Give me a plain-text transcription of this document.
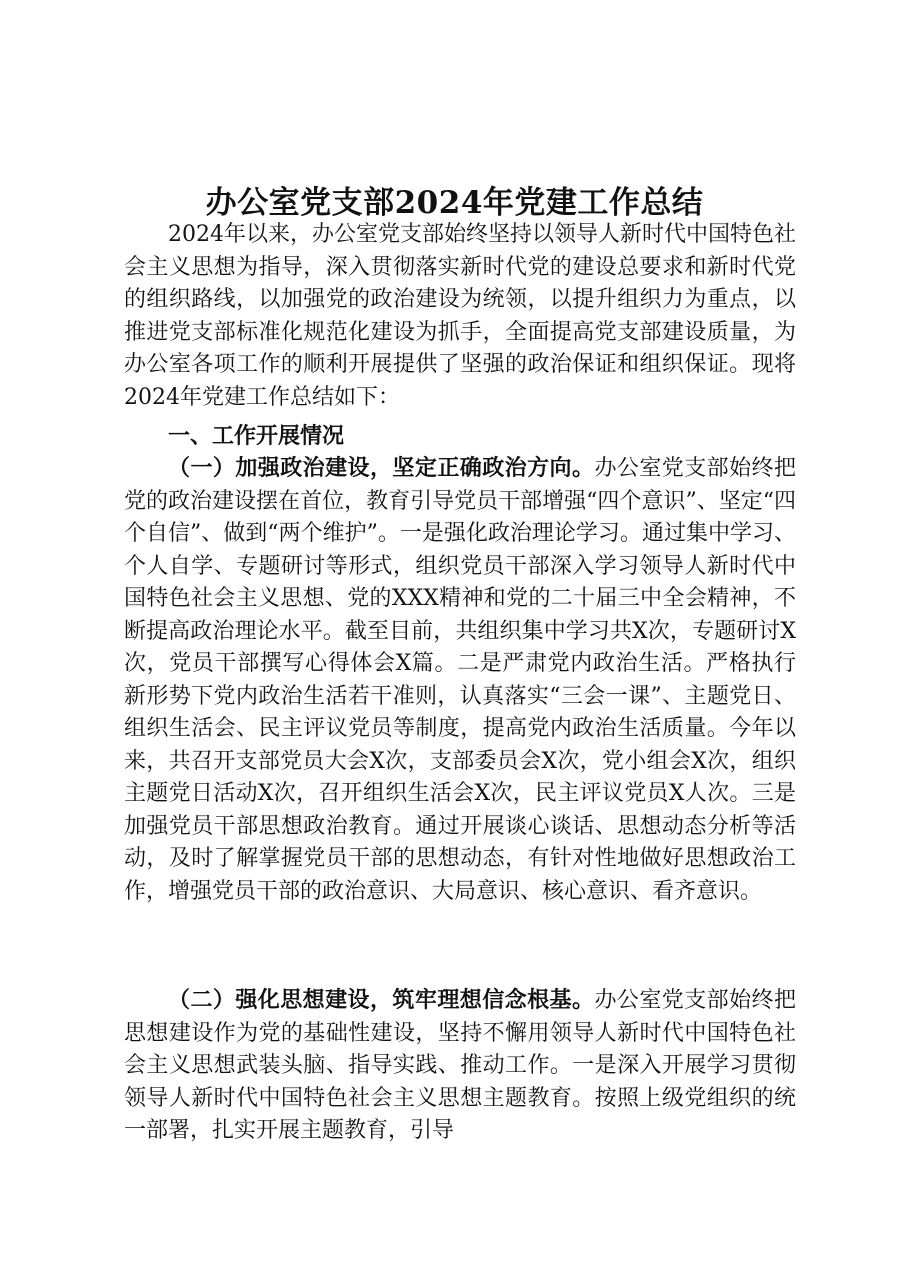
办公室党支部2024年党建工作总结

2024年以来，办公室党支部始终坚持以领导人新时代中国特色社会主义思想为指导，深入贯彻落实新时代党的建设总要求和新时代党的组织路线，以加强党的政治建设为统领，以提升组织力为重点，以推进党支部标准化规范化建设为抓手，全面提高党支部建设质量，为办公室各项工作的顺利开展提供了坚强的政治保证和组织保证。现将2024年党建工作总结如下：

一、工作开展情况

（一）加强政治建设，坚定正确政治方向。办公室党支部始终把党的政治建设摆在首位，教育引导党员干部增强“四个意识”、坚定“四个自信”、做到“两个维护”。一是强化政治理论学习。通过集中学习、个人自学、专题研讨等形式，组织党员干部深入学习领导人新时代中国特色社会主义思想、党的XXX精神和党的二十届三中全会精神，不断提高政治理论水平。截至目前，共组织集中学习共X次，专题研讨X次，党员干部撰写心得体会X篇。二是严肃党内政治生活。严格执行新形势下党内政治生活若干准则，认真落实“三会一课”、主题党日、组织生活会、民主评议党员等制度，提高党内政治生活质量。今年以来，共召开支部党员大会X次，支部委员会X次，党小组会X次，组织主题党日活动X次，召开组织生活会X次，民主评议党员X人次。三是加强党员干部思想政治教育。通过开展谈心谈话、思想动态分析等活动，及时了解掌握党员干部的思想动态，有针对性地做好思想政治工作，增强党员干部的政治意识、大局意识、核心意识、看齐意识。

（二）强化思想建设，筑牢理想信念根基。办公室党支部始终把思想建设作为党的基础性建设，坚持不懈用领导人新时代中国特色社会主义思想武装头脑、指导实践、推动工作。一是深入开展学习贯彻领导人新时代中国特色社会主义思想主题教育。按照上级党组织的统一部署，扎实开展主题教育，引导
